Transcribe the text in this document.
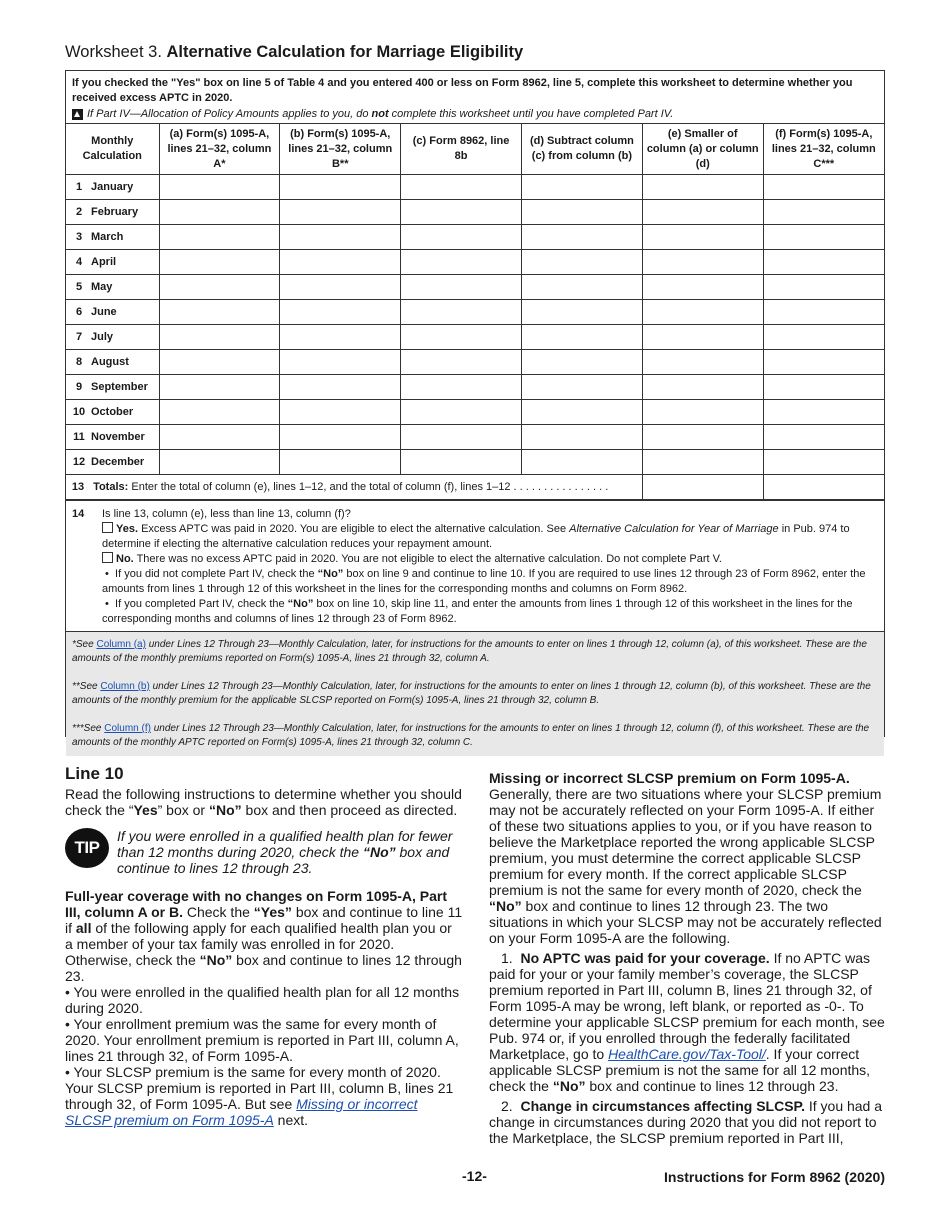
Worksheet 3. Alternative Calculation for Marriage Eligibility
If you checked the "Yes" box on line 5 of Table 4 and you entered 400 or less on Form 8962, line 5, complete this worksheet to determine whether you received excess APTC in 2020.
If Part IV—Allocation of Policy Amounts applies to you, do not complete this worksheet until you have completed Part IV.
Monthly Calculation	(a) Form(s) 1095-A, lines 21–32, column A*	(b) Form(s) 1095-A, lines 21–32, column B**	(c) Form 8962, line 8b	(d) Subtract column (c) from column (b)	(e) Smaller of column (a) or column (d)	(f) Form(s) 1095-A, lines 21–32, column C***
1 January						
2 February						
3 March						
4 April						
5 May						
6 June						
7 July						
8 August						
9 September						
10 October						
11 November						
12 December						
13 Totals: Enter the total of column (e), lines 1–12, and the total of column (f), lines 1–12 . . . . . . . . . . . . . . . .						
14	Is line 13, column (e), less than line 13, column (f)?
Yes. Excess APTC was paid in 2020. You are eligible to elect the alternative calculation. See Alternative Calculation for Year of Marriage in Pub. 974 to determine if electing the alternative calculation reduces your repayment amount.
No. There was no excess APTC paid in 2020. You are not eligible to elect the alternative calculation. Do not complete Part V.
•  If you did not complete Part IV, check the “No” box on line 9 and continue to line 10. If you are required to use lines 12 through 23 of Form 8962, enter the amounts from lines 1 through 12 of this worksheet in the lines for the corresponding months and columns on Form 8962.
•  If you completed Part IV, check the “No” box on line 10, skip line 11, and enter the amounts from lines 1 through 12 of this worksheet in the lines for the corresponding months and columns of lines 12 through 23 of Form 8962.

*See Column (a) under Lines 12 Through 23—Monthly Calculation, later, for instructions for the amounts to enter on lines 1 through 12, column (a), of this worksheet. These are the amounts of the monthly premiums reported on Form(s) 1095-A, lines 21 through 32, column A.

**See Column (b) under Lines 12 Through 23—Monthly Calculation, later, for instructions for the amounts to enter on lines 1 through 12, column (b), of this worksheet. These are the amounts of the monthly premium for the applicable SLCSP reported on Form(s) 1095-A, lines 21 through 32, column B.

***See Column (f) under Lines 12 Through 23—Monthly Calculation, later, for instructions for the amounts to enter on lines 1 through 12, column (f), of this worksheet. These are the amounts of the monthly APTC reported on Form(s) 1095-A, lines 21 through 32, column C.

Line 10

Read the following instructions to determine whether you should check the “Yes” box or “No” box and then proceed as directed.

TIP
If you were enrolled in a qualified health plan for fewer than 12 months during 2020, check the “No” box and continue to lines 12 through 23.

Full-year coverage with no changes on Form 1095-A, Part III, column A or B. Check the “Yes” box and continue to line 11 if all of the following apply for each qualified health plan you or a member of your tax family was enrolled in for 2020. Otherwise, check the “No” box and continue to lines 12 through 23.

• You were enrolled in the qualified health plan for all 12 months during 2020.

• Your enrollment premium was the same for every month of 2020. Your enrollment premium is reported in Part III, column A, lines 21 through 32, of Form 1095-A.

• Your SLCSP premium is the same for every month of 2020. Your SLCSP premium is reported in Part III, column B, lines 21 through 32, of Form 1095-A. But see Missing or incorrect SLCSP premium on Form 1095-A next.

Missing or incorrect SLCSP premium on Form 1095-A. Generally, there are two situations where your SLCSP premium may not be accurately reflected on your Form 1095-A. If either of these two situations applies to you, or if you have reason to believe the Marketplace reported the wrong applicable SLCSP premium, you must determine the correct applicable SLCSP premium for every month. If the correct applicable SLCSP premium is not the same for every month of 2020, check the “No” box and continue to lines 12 through 23. The two situations in which your SLCSP may not be accurately reflected on your Form 1095-A are the following.

1. No APTC was paid for your coverage. If no APTC was paid for your or your family member’s coverage, the SLCSP premium reported in Part III, column B, lines 21 through 32, of Form 1095-A may be wrong, left blank, or reported as -0-. To determine your applicable SLCSP premium for each month, see Pub. 974 or, if you enrolled through the federally facilitated Marketplace, go to HealthCare.gov/Tax-Tool/. If your correct applicable SLCSP premium is not the same for all 12 months, check the “No” box and continue to lines 12 through 23.

2. Change in circumstances affecting SLCSP. If you had a change in circumstances during 2020 that you did not report to the Marketplace, the SLCSP premium reported in Part III,

-12-	Instructions for Form 8962 (2020)
